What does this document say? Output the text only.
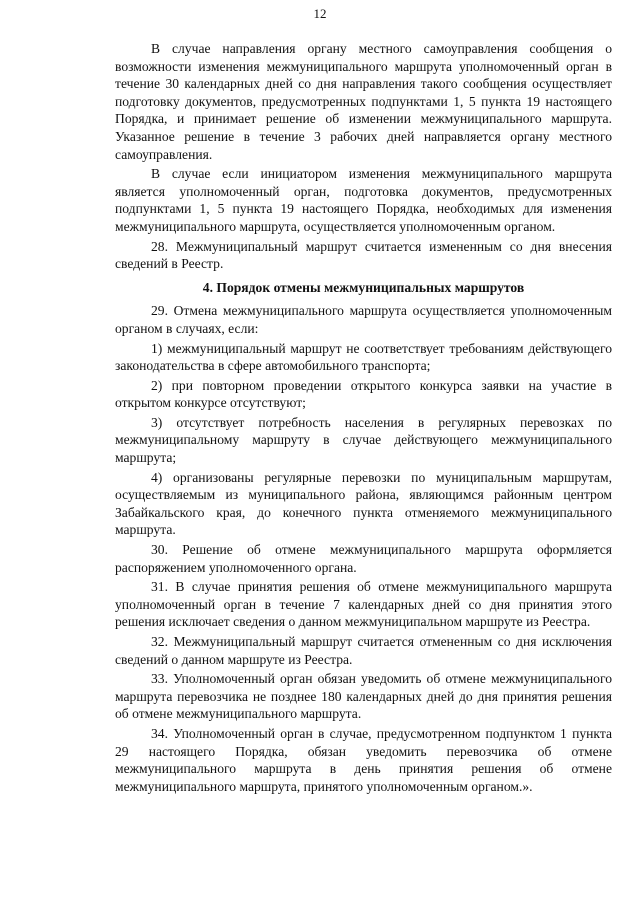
12

В случае направления органу местного самоуправления сообщения о возможности изменения межмуниципального маршрута уполномоченный орган в течение 30 календарных дней со дня направления такого сообщения осуществляет подготовку документов, предусмотренных подпунктами 1, 5 пункта 19 настоящего Порядка, и принимает решение об изменении межмуниципального маршрута. Указанное решение в течение 3 рабочих дней направляется органу местного самоуправления.

В случае если инициатором изменения межмуниципального маршрута является уполномоченный орган, подготовка документов, предусмотренных подпунктами 1, 5 пункта 19 настоящего Порядка, необходимых для изменения межмуниципального маршрута, осуществляется уполномоченным органом.

28. Межмуниципальный маршрут считается измененным со дня внесения сведений в Реестр.

4. Порядок отмены межмуниципальных маршрутов

29. Отмена межмуниципального маршрута осуществляется уполномоченным органом в случаях, если:

1) межмуниципальный маршрут не соответствует требованиям действующего законодательства в сфере автомобильного транспорта;

2) при повторном проведении открытого конкурса заявки на участие в открытом конкурсе отсутствуют;

3) отсутствует потребность населения в регулярных перевозках по межмуниципальному маршруту в случае действующего межмуниципального маршрута;

4) организованы регулярные перевозки по муниципальным маршрутам, осуществляемым из муниципального района, являющимся районным центром Забайкальского края, до конечного пункта отменяемого межмуниципального маршрута.

30. Решение об отмене межмуниципального маршрута оформляется распоряжением уполномоченного органа.

31. В случае принятия решения об отмене межмуниципального маршрута уполномоченный орган в течение 7 календарных дней со дня принятия этого решения исключает сведения о данном межмуниципальном маршруте из Реестра.

32. Межмуниципальный маршрут считается отмененным со дня исключения сведений о данном маршруте из Реестра.

33. Уполномоченный орган обязан уведомить об отмене межмуниципального маршрута перевозчика не позднее 180 календарных дней до дня принятия решения об отмене межмуниципального маршрута.

34. Уполномоченный орган в случае, предусмотренном подпунктом 1 пункта 29 настоящего Порядка, обязан уведомить перевозчика об отмене межмуниципального маршрута в день принятия решения об отмене межмуниципального маршрута, принятого уполномоченным органом.».
